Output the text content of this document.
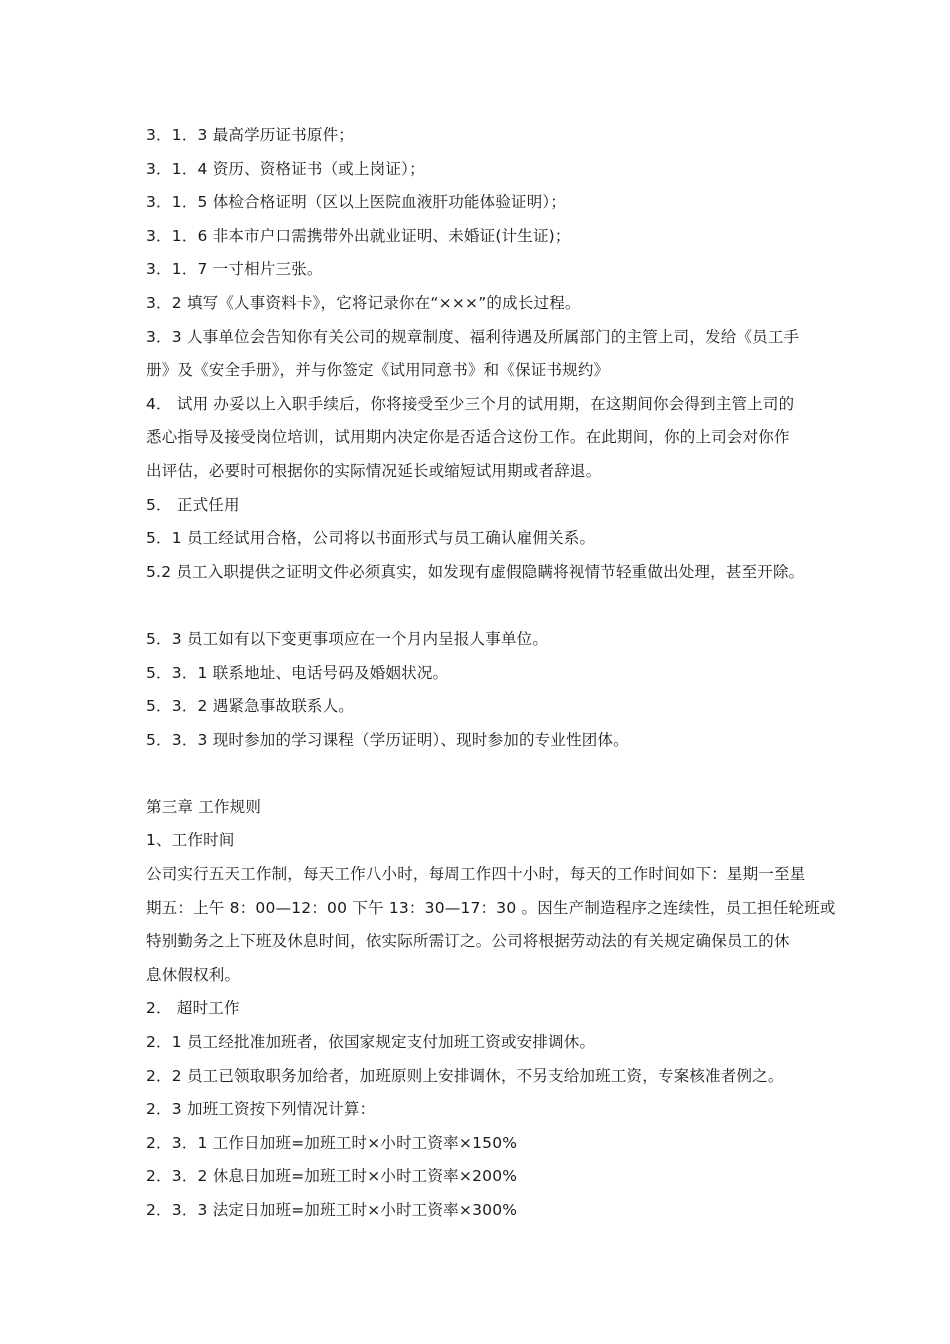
3．1．3 最高学历证书原件；
3．1．4 资历、资格证书（或上岗证）；
3．1．5 体检合格证明（区以上医院血液肝功能体验证明）；
3．1．6 非本市户口需携带外出就业证明、未婚证(计生证)；
3．1．7 一寸相片三张。
3．2 填写《人事资料卡》，它将记录你在“×××”的成长过程。
3．3 人事单位会告知你有关公司的规章制度、福利待遇及所属部门的主管上司，发给《员工手
册》及《安全手册》，并与你签定《试用同意书》和《保证书规约》
4． 试用 办妥以上入职手续后，你将接受至少三个月的试用期，在这期间你会得到主管上司的
悉心指导及接受岗位培训，试用期内决定你是否适合这份工作。在此期间，你的上司会对你作
出评估，必要时可根据你的实际情况延长或缩短试用期或者辞退。
5． 正式任用
5．1 员工经试用合格，公司将以书面形式与员工确认雇佣关系。
5.2 员工入职提供之证明文件必须真实，如发现有虚假隐瞒将视情节轻重做出处理，甚至开除。
5．3 员工如有以下变更事项应在一个月内呈报人事单位。
5．3．1 联系地址、电话号码及婚姻状况。
5．3．2 遇紧急事故联系人。
5．3．3 现时参加的学习课程（学历证明）、现时参加的专业性团体。
第三章 工作规则
1、工作时间
公司实行五天工作制，每天工作八小时，每周工作四十小时，每天的工作时间如下：星期一至星
期五：上午 8：00—12：00 下午 13：30—17：30 。因生产制造程序之连续性，员工担任轮班或
特别勤务之上下班及休息时间，依实际所需订之。公司将根据劳动法的有关规定确保员工的休
息休假权利。
2． 超时工作
2．1 员工经批准加班者，依国家规定支付加班工资或安排调休。
2．2 员工已领取职务加给者，加班原则上安排调休，不另支给加班工资，专案核准者例之。
2．3 加班工资按下列情况计算：
2．3．1 工作日加班=加班工时×小时工资率×150%
2．3．2 休息日加班=加班工时×小时工资率×200%
2．3．3 法定日加班=加班工时×小时工资率×300%
